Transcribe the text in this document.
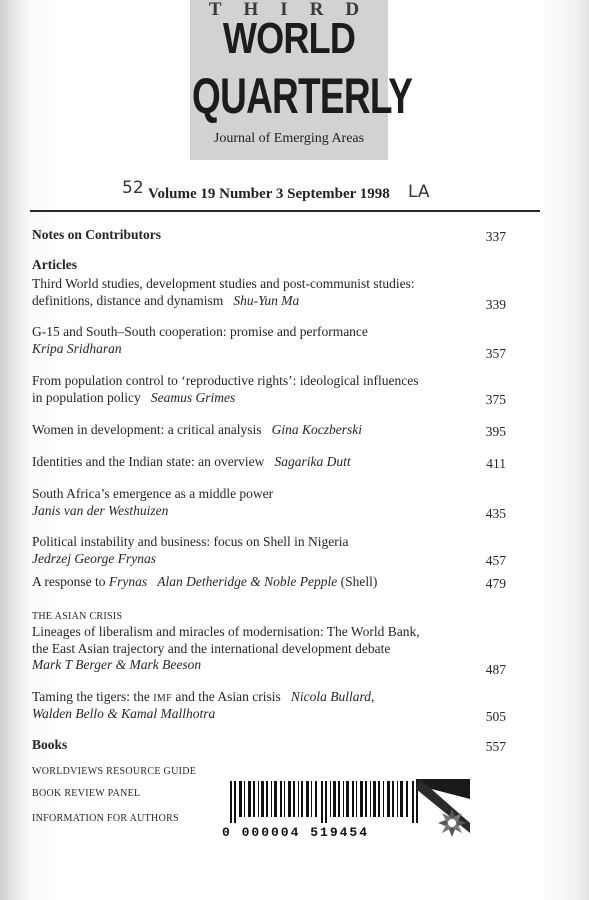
THIRD
WORLD
QUARTERLY
Journal of Emerging Areas
52 Volume 19 Number 3 September 1998 LA
Notes on Contributors	337
Articles
Third World studies, development studies and post-communist studies:
definitions, distance and dynamism Shu-Yun Ma	339
G-15 and South–South cooperation: promise and performance
Kripa Sridharan	357
From population control to ‘reproductive rights’: ideological influences
in population policy Seamus Grimes	375
Women in development: a critical analysis Gina Koczberski	395
Identities and the Indian state: an overview Sagarika Dutt	411
South Africa’s emergence as a middle power
Janis van der Westhuizen	435
Political instability and business: focus on Shell in Nigeria
Jedrzej George Frynas	457
A response to Frynas Alan Detheridge & Noble Pepple (Shell)	479
THE ASIAN CRISIS
Lineages of liberalism and miracles of modernisation: The World Bank,
the East Asian trajectory and the international development debate
Mark T Berger & Mark Beeson	487
Taming the tigers: the IMF and the Asian crisis Nicola Bullard,
Walden Bello & Kamal Mallhotra	505
Books	557
WORLDVIEWS RESOURCE GUIDE
BOOK REVIEW PANEL
INFORMATION FOR AUTHORS
0 000004 519454
